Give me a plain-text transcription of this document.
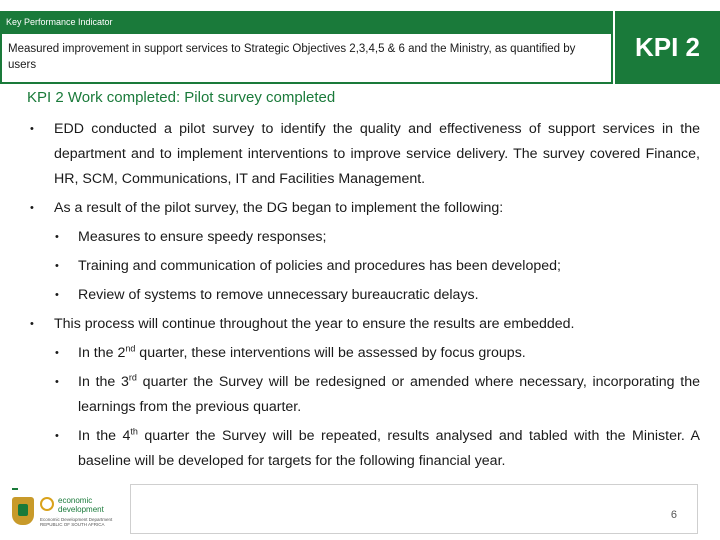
Key Performance Indicator
Measured improvement in support services to Strategic Objectives 2,3,4,5 & 6 and the Ministry, as quantified by users
KPI 2
KPI 2 Work completed: Pilot survey completed
• EDD conducted a pilot survey to identify the quality and effectiveness of support services in the department and to implement interventions to improve service delivery. The survey covered Finance, HR, SCM, Communications, IT and Facilities Management.
• As a result of the pilot survey, the DG began to implement the following:
• Measures to ensure speedy responses;
• Training and communication of policies and procedures has been developed;
• Review of systems to remove unnecessary bureaucratic delays.
• This process will continue throughout the year to ensure the results are embedded.
• In the 2nd quarter, these interventions will be assessed by focus groups.
• In the 3rd quarter the Survey will be redesigned or amended where necessary, incorporating the learnings from the previous quarter.
• In the 4th quarter the Survey will be repeated, results analysed and tabled with the Minister. A baseline will be developed for targets for the following financial year.
economic development
Economic Development Department REPUBLIC OF SOUTH AFRICA
6
